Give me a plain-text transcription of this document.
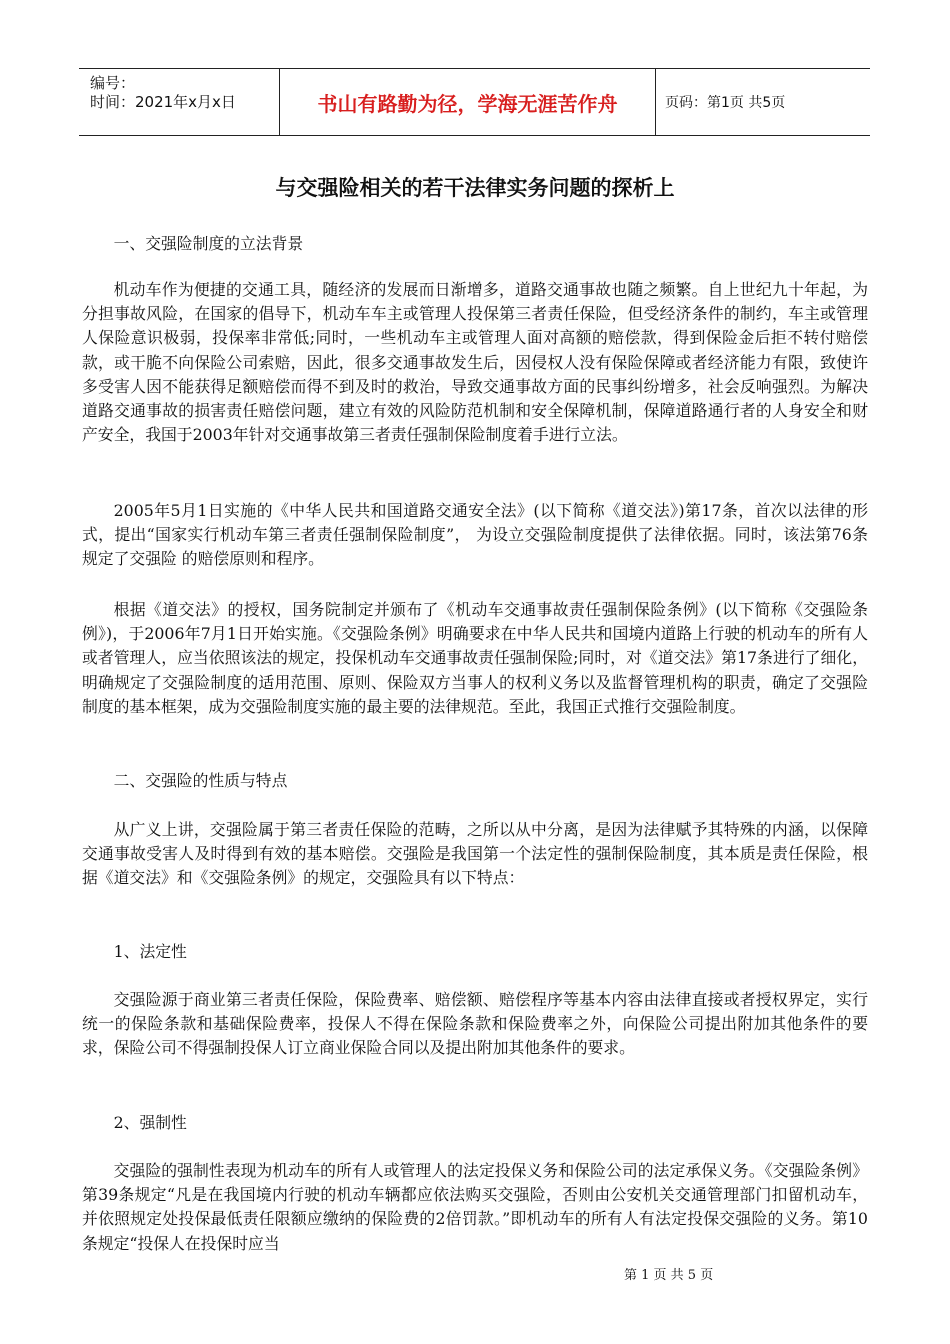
编号：
时间：2021年x月x日	书山有路勤为径，学海无涯苦作舟	页码：第1页 共5页
与交强险相关的若干法律实务问题的探析上

一、交强险制度的立法背景

机动车作为便捷的交通工具，随经济的发展而日渐增多，道路交通事故也随之频繁。自上世纪九十年起，为分担事故风险，在国家的倡导下，机动车车主或管理人投保第三者责任保险，但受经济条件的制约，车主或管理人保险意识极弱，投保率非常低;同时，一些机动车主或管理人面对高额的赔偿款，得到保险金后拒不转付赔偿款，或干脆不向保险公司索赔，因此，很多交通事故发生后，因侵权人没有保险保障或者经济能力有限，致使许多受害人因不能获得足额赔偿而得不到及时的救治，导致交通事故方面的民事纠纷增多，社会反响强烈。为解决道路交通事故的损害责任赔偿问题，建立有效的风险防范机制和安全保障机制，保障道路通行者的人身安全和财产安全，我国于2003年针对交通事故第三者责任强制保险制度着手进行立法。

2005年5月1日实施的《中华人民共和国道路交通安全法》(以下简称《道交法》)第17条，首次以法律的形式，提出“国家实行机动车第三者责任强制保险制度”， 为设立交强险制度提供了法律依据。同时，该法第76条 规定了交强险 的赔偿原则和程序。

根据《道交法》的授权，国务院制定并颁布了《机动车交通事故责任强制保险条例》(以下简称《交强险条例》)，于2006年7月1日开始实施。《交强险条例》明确要求在中华人民共和国境内道路上行驶的机动车的所有人或者管理人，应当依照该法的规定，投保机动车交通事故责任强制保险;同时，对《道交法》第17条进行了细化，明确规定了交强险制度的适用范围、原则、保险双方当事人的权利义务以及监督管理机构的职责，确定了交强险制度的基本框架，成为交强险制度实施的最主要的法律规范。至此，我国正式推行交强险制度。

二、交强险的性质与特点

从广义上讲，交强险属于第三者责任保险的范畴，之所以从中分离，是因为法律赋予其特殊的内涵，以保障交通事故受害人及时得到有效的基本赔偿。交强险是我国第一个法定性的强制保险制度，其本质是责任保险，根据《道交法》和《交强险条例》的规定，交强险具有以下特点：

1、法定性

交强险源于商业第三者责任保险，保险费率、赔偿额、赔偿程序等基本内容由法律直接或者授权界定，实行统一的保险条款和基础保险费率，投保人不得在保险条款和保险费率之外，向保险公司提出附加其他条件的要求，保险公司不得强制投保人订立商业保险合同以及提出附加其他条件的要求。

2、强制性

交强险的强制性表现为机动车的所有人或管理人的法定投保义务和保险公司的法定承保义务。《交强险条例》第39条规定“凡是在我国境内行驶的机动车辆都应依法购买交强险，否则由公安机关交通管理部门扣留机动车，并依照规定处投保最低责任限额应缴纳的保险费的2倍罚款。”即机动车的所有人有法定投保交强险的义务。第10条规定“投保人在投保时应当

第 1 页 共 5 页
